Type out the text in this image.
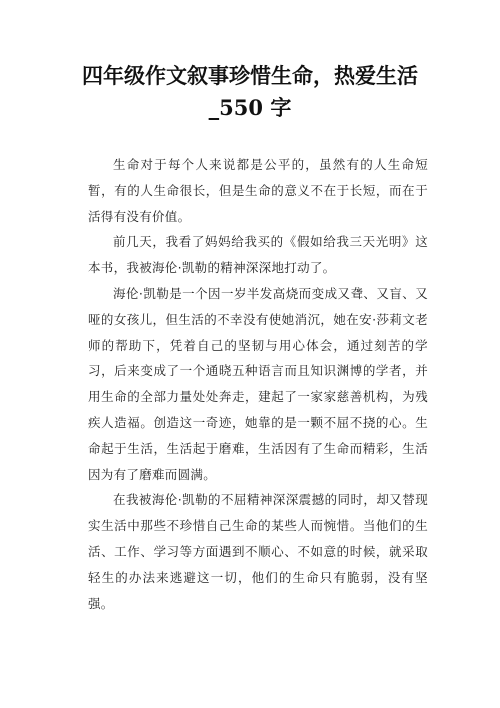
四年级作文叙事珍惜生命，热爱生活
_550 字

生命对于每个人来说都是公平的，虽然有的人生命短暂，有的人生命很长，但是生命的意义不在于长短，而在于活得有没有价值。

前几天，我看了妈妈给我买的《假如给我三天光明》这本书，我被海伦·凯勒的精神深深地打动了。

海伦·凯勒是一个因一岁半发高烧而变成又聋、又盲、又哑的女孩儿，但生活的不幸没有使她消沉，她在安·莎莉文老师的帮助下，凭着自己的坚韧与用心体会，通过刻苦的学习，后来变成了一个通晓五种语言而且知识渊博的学者，并用生命的全部力量处处奔走，建起了一家家慈善机构，为残疾人造福。创造这一奇迹，她靠的是一颗不屈不挠的心。生命起于生活，生活起于磨难，生活因有了生命而精彩，生活因为有了磨难而圆满。

在我被海伦·凯勒的不屈精神深深震撼的同时，却又替现实生活中那些不珍惜自己生命的某些人而惋惜。当他们的生活、工作、学习等方面遇到不顺心、不如意的时候，就采取轻生的办法来逃避这一切，他们的生命只有脆弱，没有坚强。
